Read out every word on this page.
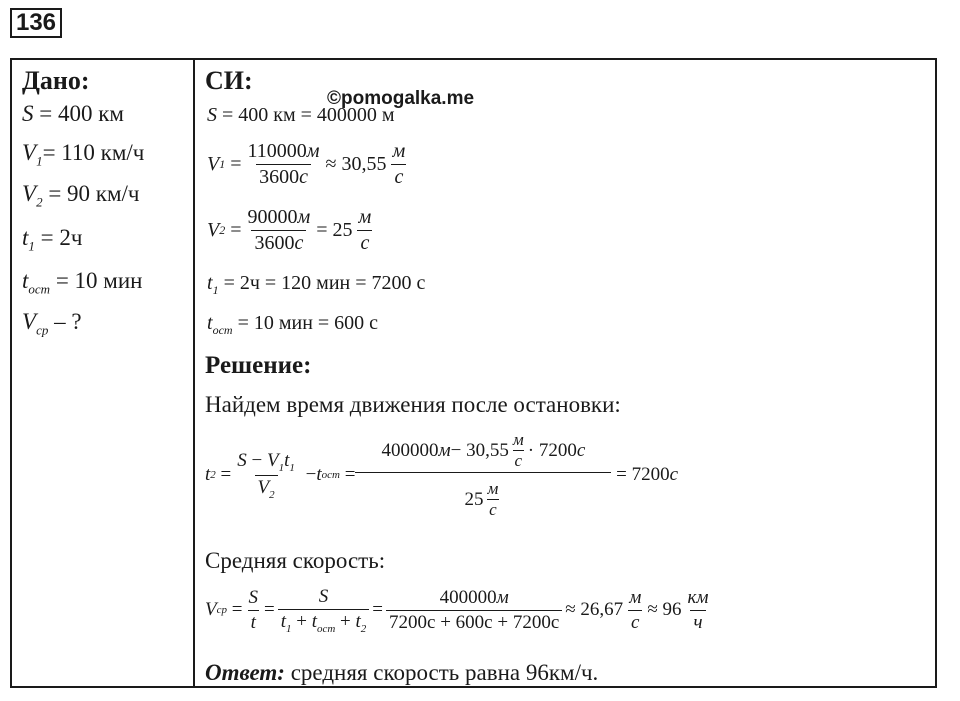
136
Дано:
S = 400 км
$V_1= 110$ км/ч
$V_2 = 90$ км/ч
$t_1 = 2ч$
$t_{ост} = 10$ мин
$V_{ср}$ – ?
СИ:
©pomogalka.me
S = 400 км = 400000 м
V $1 = \frac{110000м}{3600с} \approx 30,55 \frac{м}{с}$
V $2 = \frac{90000м}{3600с} = 25 \frac{м}{с}$
$t_1 = 2ч = 120$ мин = 7200 с
$t_{ост} = 10$ мин = 600 с
Решение:
Найдем время движения после остановки:
t $2 = \frac{S - V_1t_1}{V_2} - t$ ост = $\frac{400000 м - 30,55 \frac{м}{с} \cdot 7200 с}{25 \frac{м}{с}}$
= 7200 с
Средняя скорость:
V ср = $\frac{S}{t} = \frac{S}{t_1 + t_{ост} + t_2} = \frac{400000м}{7200с + 600с + 7200с} \approx 26,67 \frac{м}{с} \approx 96 \frac{км}{ч}$
Ответ: средняя скорость равна 96км/ч.
